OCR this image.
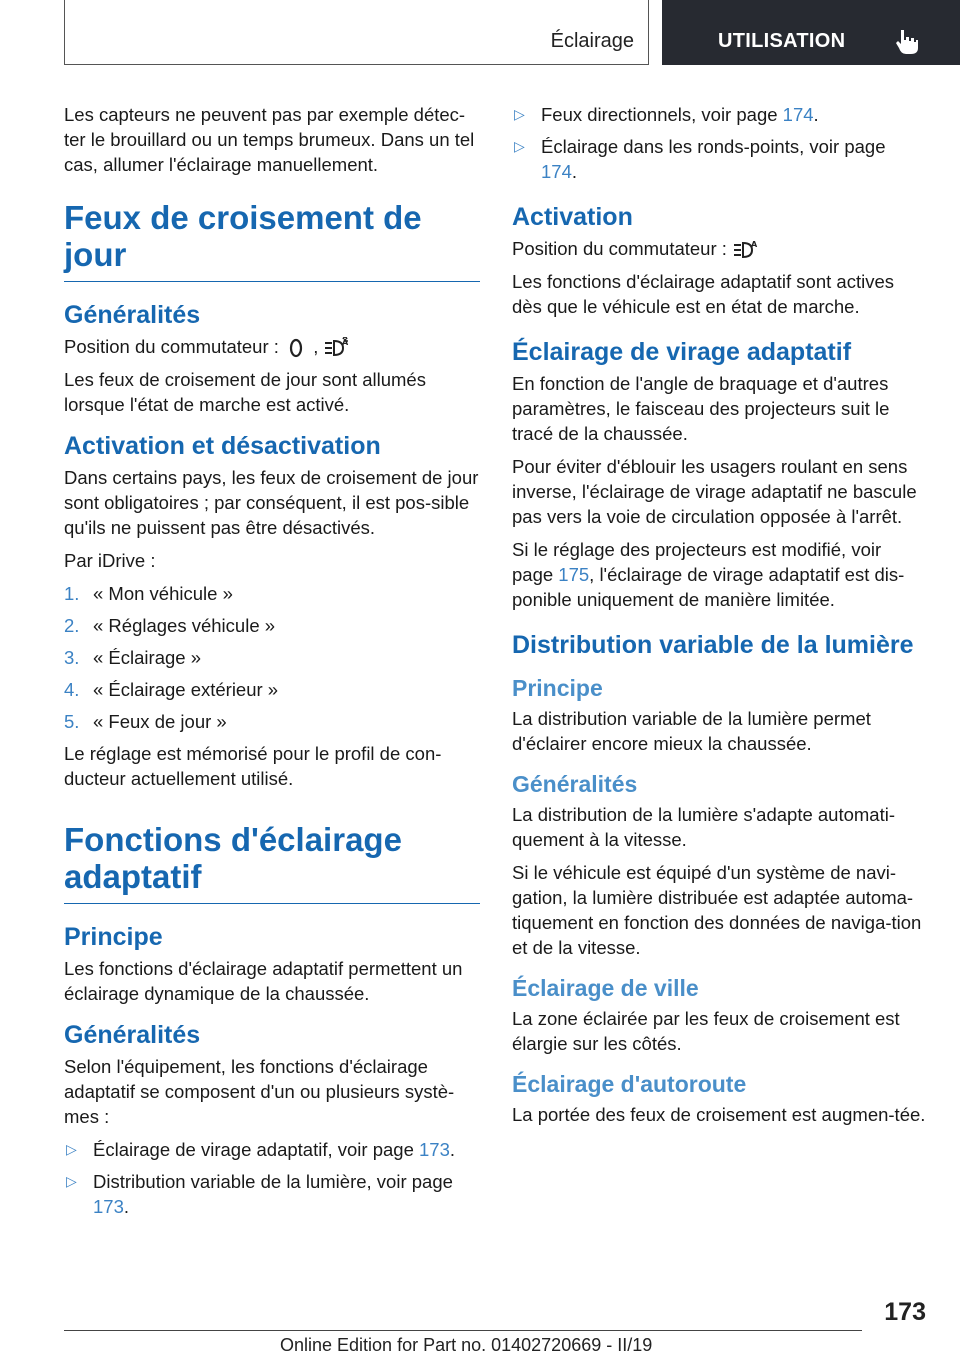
Éclairage	UTILISATION

Les capteurs ne peuvent pas par exemple détec-ter le brouillard ou un temps brumeux. Dans un tel cas, allumer l'éclairage manuellement.

Feux de croisement de jour
Généralités

Position du commutateur : ,	A

Les feux de croisement de jour sont allumés lorsque l'état de marche est activé.

Activation et désactivation

Dans certains pays, les feux de croisement de jour sont obligatoires ; par conséquent, il est pos-sible qu'ils ne puissent pas être désactivés.

Par iDrive :

1. « Mon véhicule »
2. « Réglages véhicule »
3. « Éclairage »
4. « Éclairage extérieur »
5. « Feux de jour »

Le réglage est mémorisé pour le profil de con-ducteur actuellement utilisé.

Fonctions d'éclairage adaptatif
Principe

Les fonctions d'éclairage adaptatif permettent un éclairage dynamique de la chaussée.

Généralités

Selon l'équipement, les fonctions d'éclairage adaptatif se composent d'un ou plusieurs systè-mes :

▷ Éclairage de virage adaptatif, voir page 173.
▷ Distribution variable de la lumière, voir page 173.
▷ Feux directionnels, voir page 174.
▷ Éclairage dans les ronds-points, voir page 174.
Activation

Position du commutateur :	A

Les fonctions d'éclairage adaptatif sont actives dès que le véhicule est en état de marche.

Éclairage de virage adaptatif

En fonction de l'angle de braquage et d'autres paramètres, le faisceau des projecteurs suit le tracé de la chaussée.

Pour éviter d'éblouir les usagers roulant en sens inverse, l'éclairage de virage adaptatif ne bascule pas vers la voie de circulation opposée à l'arrêt.

Si le réglage des projecteurs est modifié, voir page 175, l'éclairage de virage adaptatif est dis-ponible uniquement de manière limitée.

Distribution variable de la lumière
Principe

La distribution variable de la lumière permet d'éclairer encore mieux la chaussée.

Généralités

La distribution de la lumière s'adapte automati-quement à la vitesse.

Si le véhicule est équipé d'un système de navi-gation, la lumière distribuée est adaptée automa-tiquement en fonction des données de naviga-tion et de la vitesse.

Éclairage de ville

La zone éclairée par les feux de croisement est élargie sur les côtés.

Éclairage d'autoroute

La portée des feux de croisement est augmen-tée.

173
Online Edition for Part no. 01402720669 - II/19
